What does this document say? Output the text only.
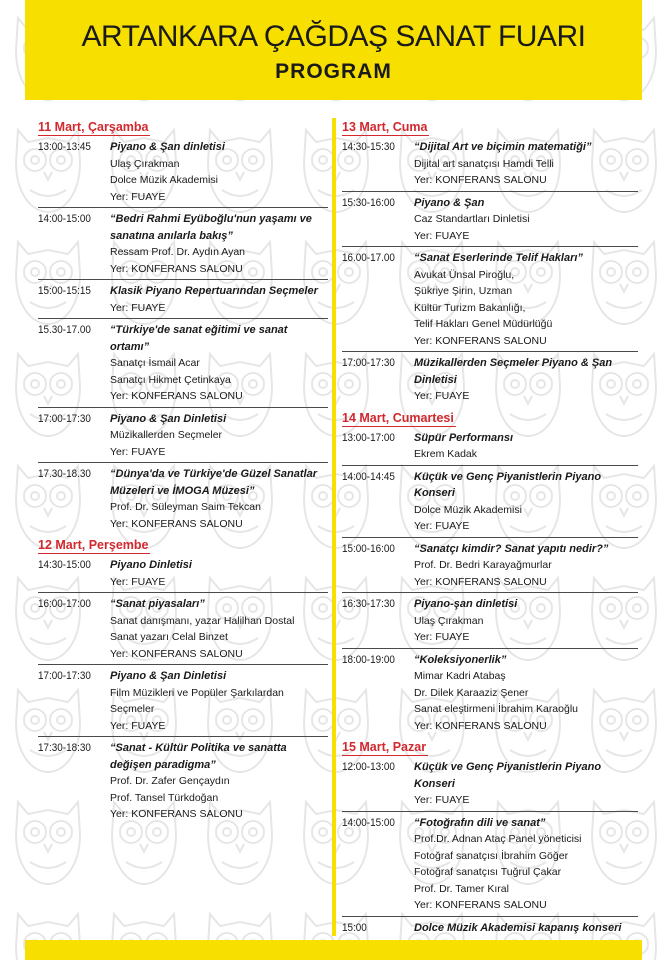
ARTANKARA ÇAĞDAŞ SANAT FUARI
PROGRAM
11 Mart, Çarşamba
13:00-13:45	Piyano & Şan dinletisi
Ulaş Çırakman
Dolce Müzik Akademisi
Yer: FUAYE
14:00-15:00	“Bedri Rahmi Eyüboğlu'nun yaşamı ve sanatına anılarla bakış”
Ressam Prof. Dr. Aydın Ayan
Yer: KONFERANS SALONU
15:00-15:15	Klasik Piyano Repertuarından Seçmeler
Yer: FUAYE
15.30-17.00	“Türkiye'de sanat eğitimi ve sanat ortamı”
Sanatçı İsmail Acar
Sanatçı Hikmet Çetinkaya
Yer: KONFERANS SALONU
17:00-17:30	Piyano & Şan Dinletisi
Müzikallerden Seçmeler
Yer: FUAYE
17.30-18.30	“Dünya'da ve Türkiye'de Güzel Sanatlar Müzeleri ve İMOGA Müzesi”
Prof. Dr. Süleyman Saim Tekcan
Yer: KONFERANS SALONU
12 Mart, Perşembe
14:30-15:00	Piyano Dinletisi
Yer: FUAYE
16:00-17:00	“Sanat piyasaları”
Sanat danışmanı, yazar Halilhan Dostal
Sanat yazarı Celal Binzet
Yer: KONFERANS SALONU
17:00-17:30	Piyano & Şan Dinletisi
Film Müzikleri ve Popüler Şarkılardan Seçmeler
Yer: FUAYE
17:30-18:30	“Sanat - Kültür Politika ve sanatta değişen paradigma”
Prof. Dr. Zafer Gençaydın
Prof. Tansel Türkdoğan
Yer: KONFERANS SALONU
13 Mart, Cuma
14:30-15:30	“Dijital Art ve biçimin matematiği”
Dijital art sanatçısı Hamdi Telli
Yer: KONFERANS SALONU
15:30-16:00	Piyano & Şan
Caz Standartları Dinletisi
Yer: FUAYE
16.00-17.00	“Sanat Eserlerinde Telif Hakları”
Avukat Ünsal Piroğlu,
Şükriye Şirin, Uzman
Kültür Turizm Bakanlığı,
Telif Hakları Genel Müdürlüğü
Yer: KONFERANS SALONU
17:00-17:30	Müzikallerden Seçmeler Piyano & Şan Dinletisi
Yer: FUAYE
14 Mart, Cumartesi
13:00-17:00	Süpür Performansı
Ekrem Kadak
14:00-14:45	Küçük ve Genç Piyanistlerin Piyano Konseri
Dolce Müzik Akademisi
Yer: FUAYE
15:00-16:00	“Sanatçı kimdir? Sanat yapıtı nedir?”
Prof. Dr. Bedri Karayağmurlar
Yer: KONFERANS SALONU
16:30-17:30	Piyano-şan dinletisi
Ulaş Çırakman
Yer: FUAYE
18:00-19:00	“Koleksiyonerlik”
Mimar Kadri Atabaş
Dr. Dilek Karaaziz Şener
Sanat eleştirmeni İbrahim Karaoğlu
Yer: KONFERANS SALONU
15 Mart, Pazar
12:00-13:00	Küçük ve Genç Piyanistlerin Piyano Konseri
Yer: FUAYE
14:00-15:00	“Fotoğrafın dili ve sanat”
Prof.Dr. Adnan Ataç Panel yöneticisi
Fotoğraf sanatçısı İbrahim Göğer
Fotoğraf sanatçısı Tuğrul Çakar
Prof. Dr. Tamer Kıral
Yer: KONFERANS SALONU
15:00	Dolce Müzik Akademisi kapanış konseri
